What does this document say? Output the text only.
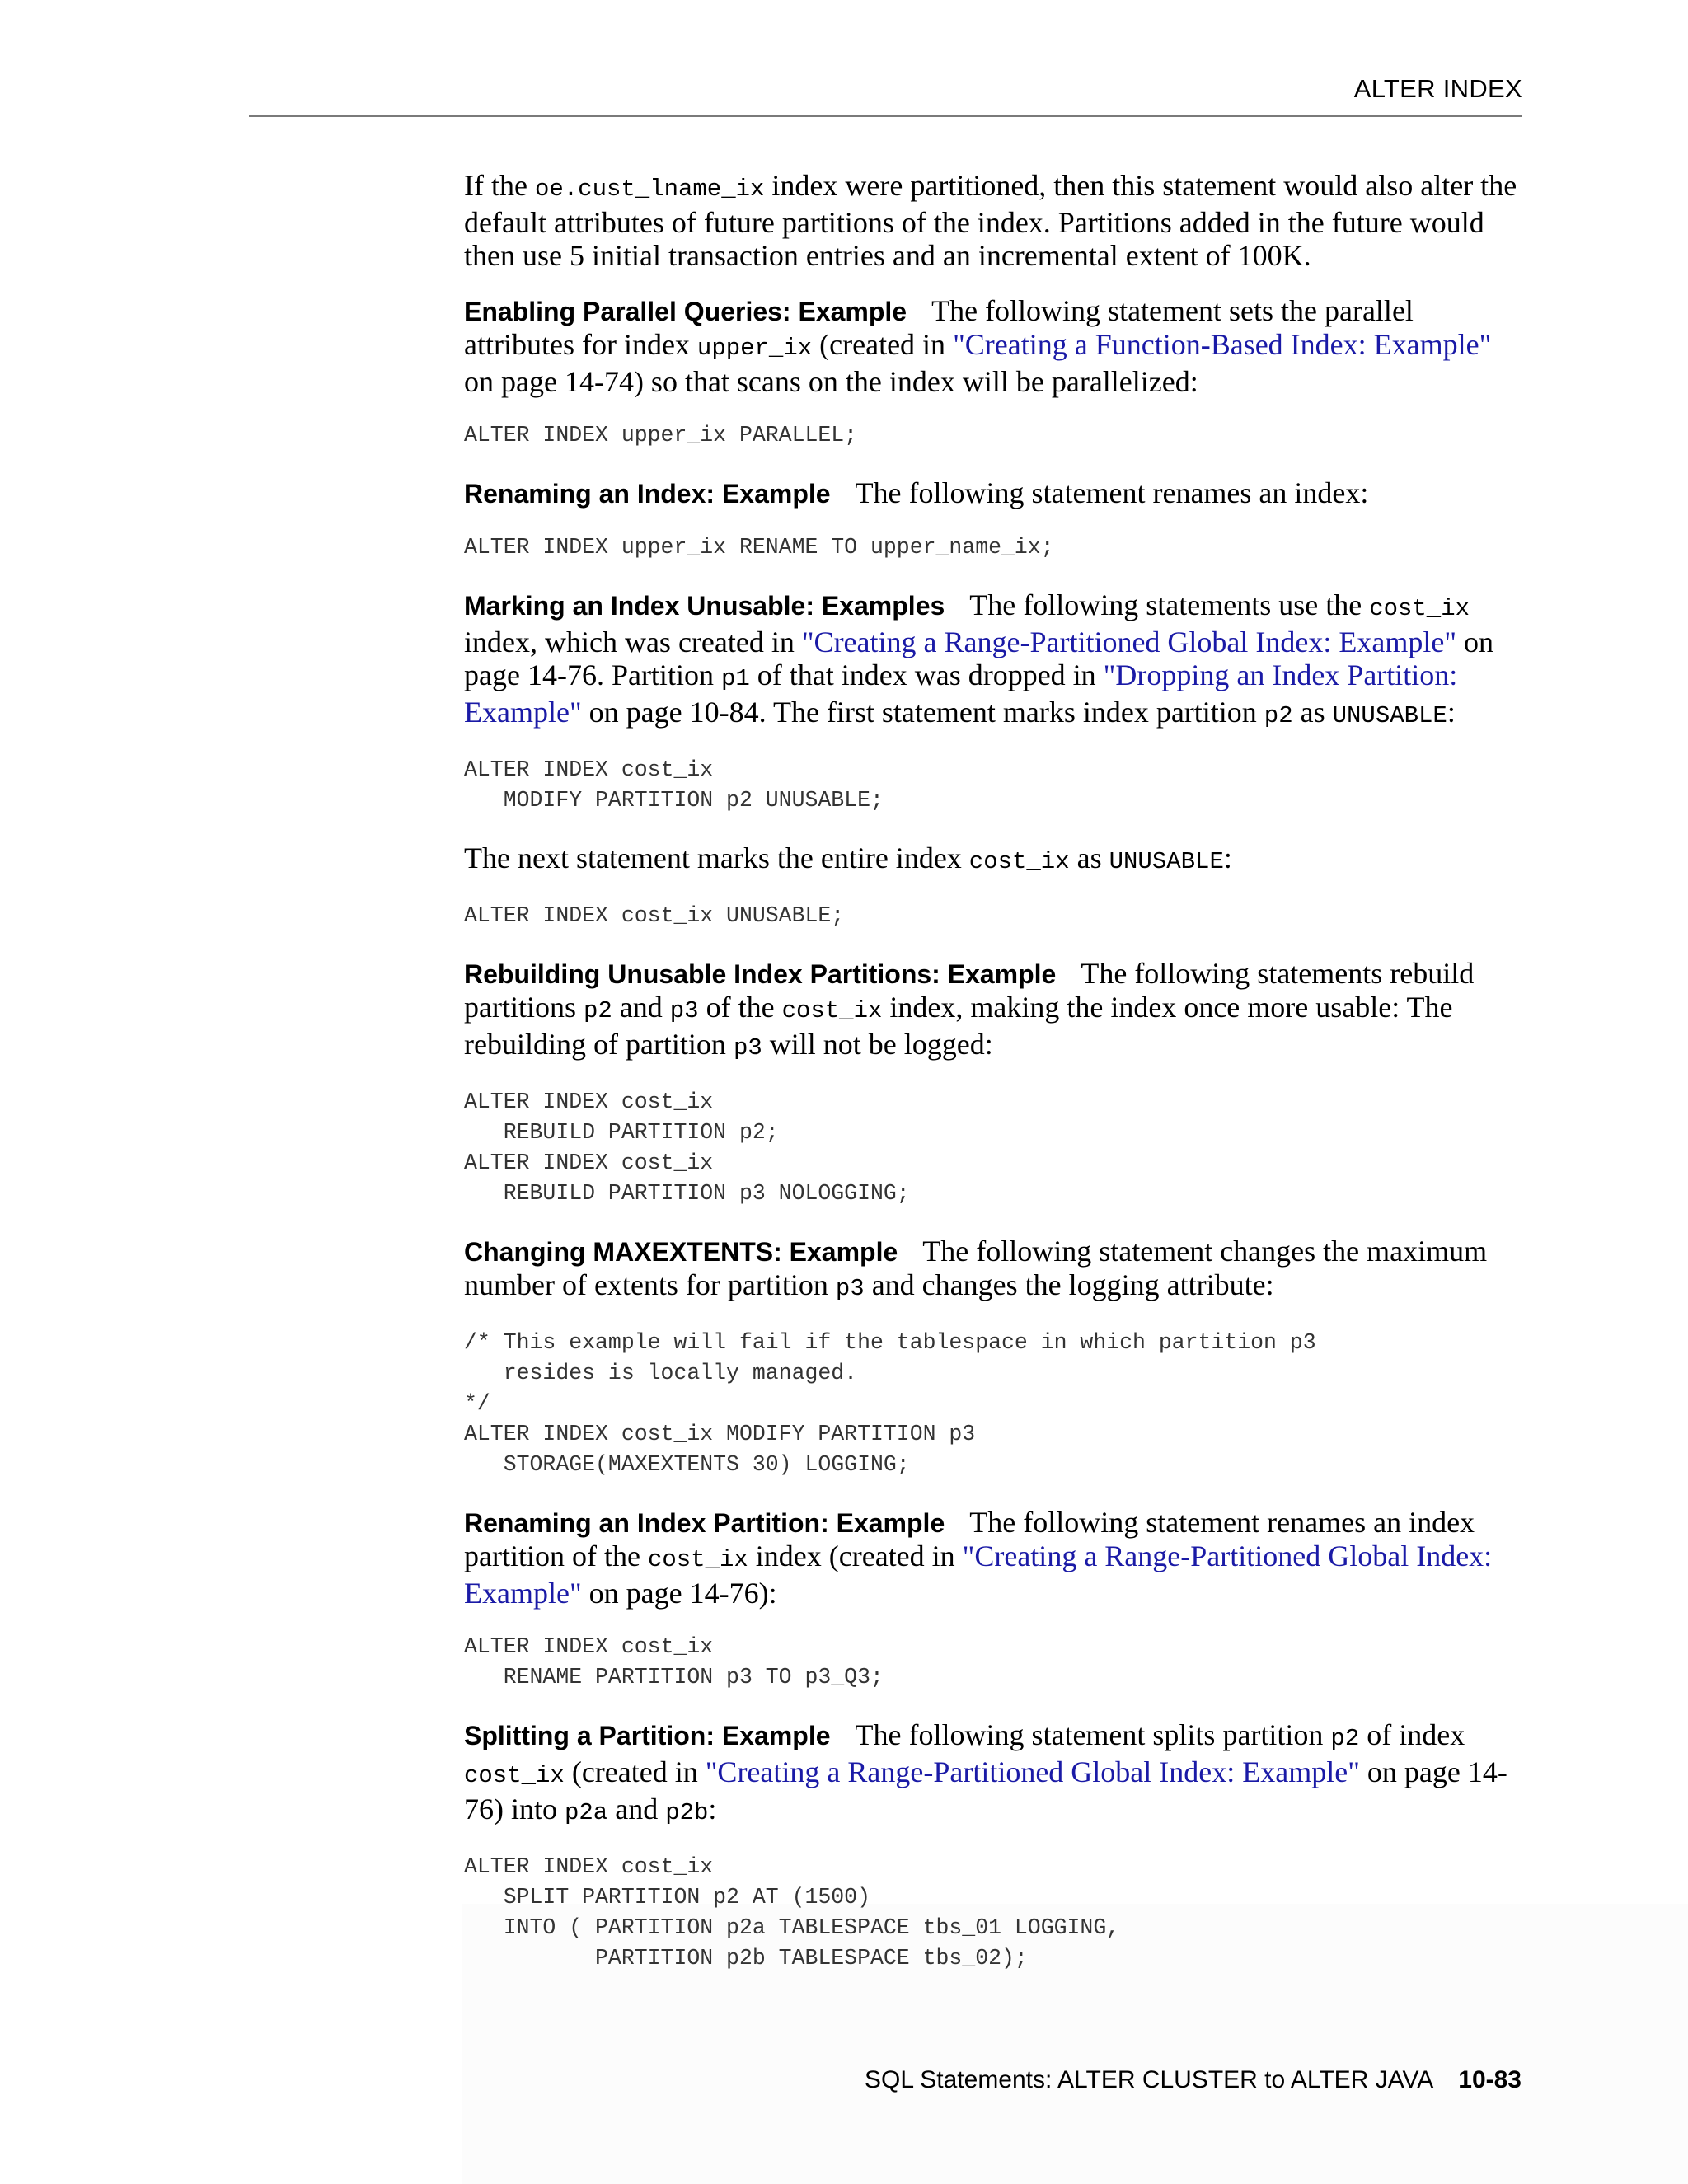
ALTER INDEX

If the oe.cust_lname_ix index were partitioned, then this statement would also alter the default attributes of future partitions of the index. Partitions added in the future would then use 5 initial transaction entries and an incremental extent of 100K.

Enabling Parallel Queries: Example The following statement sets the parallel attributes for index upper_ix (created in "Creating a Function-Based Index: Example" on page 14-74) so that scans on the index will be parallelized:

ALTER INDEX upper_ix PARALLEL;

Renaming an Index: Example The following statement renames an index:

ALTER INDEX upper_ix RENAME TO upper_name_ix;

Marking an Index Unusable: Examples The following statements use the cost_ix index, which was created in "Creating a Range-Partitioned Global Index: Example" on page 14-76. Partition p1 of that index was dropped in "Dropping an Index Partition: Example" on page 10-84. The first statement marks index partition p2 as UNUSABLE:

ALTER INDEX cost_ix
MODIFY PARTITION p2 UNUSABLE;

The next statement marks the entire index cost_ix as UNUSABLE:

ALTER INDEX cost_ix UNUSABLE;

Rebuilding Unusable Index Partitions: Example The following statements rebuild partitions p2 and p3 of the cost_ix index, making the index once more usable: The rebuilding of partition p3 will not be logged:

ALTER INDEX cost_ix
REBUILD PARTITION p2;
ALTER INDEX cost_ix
REBUILD PARTITION p3 NOLOGGING;

Changing MAXEXTENTS: Example The following statement changes the maximum number of extents for partition p3 and changes the logging attribute:

/* This example will fail if the tablespace in which partition p3
resides is locally managed.
*/
ALTER INDEX cost_ix MODIFY PARTITION p3
STORAGE(MAXEXTENTS 30) LOGGING;

Renaming an Index Partition: Example The following statement renames an index partition of the cost_ix index (created in "Creating a Range-Partitioned Global Index: Example" on page 14-76):

ALTER INDEX cost_ix
RENAME PARTITION p3 TO p3_Q3;

Splitting a Partition: Example The following statement splits partition p2 of index cost_ix (created in "Creating a Range-Partitioned Global Index: Example" on page 14-76) into p2a and p2b:

ALTER INDEX cost_ix
SPLIT PARTITION p2 AT (1500)
INTO ( PARTITION p2a TABLESPACE tbs_01 LOGGING,
PARTITION p2b TABLESPACE tbs_02);
SQL Statements: ALTER CLUSTER to ALTER JAVA 10-83
